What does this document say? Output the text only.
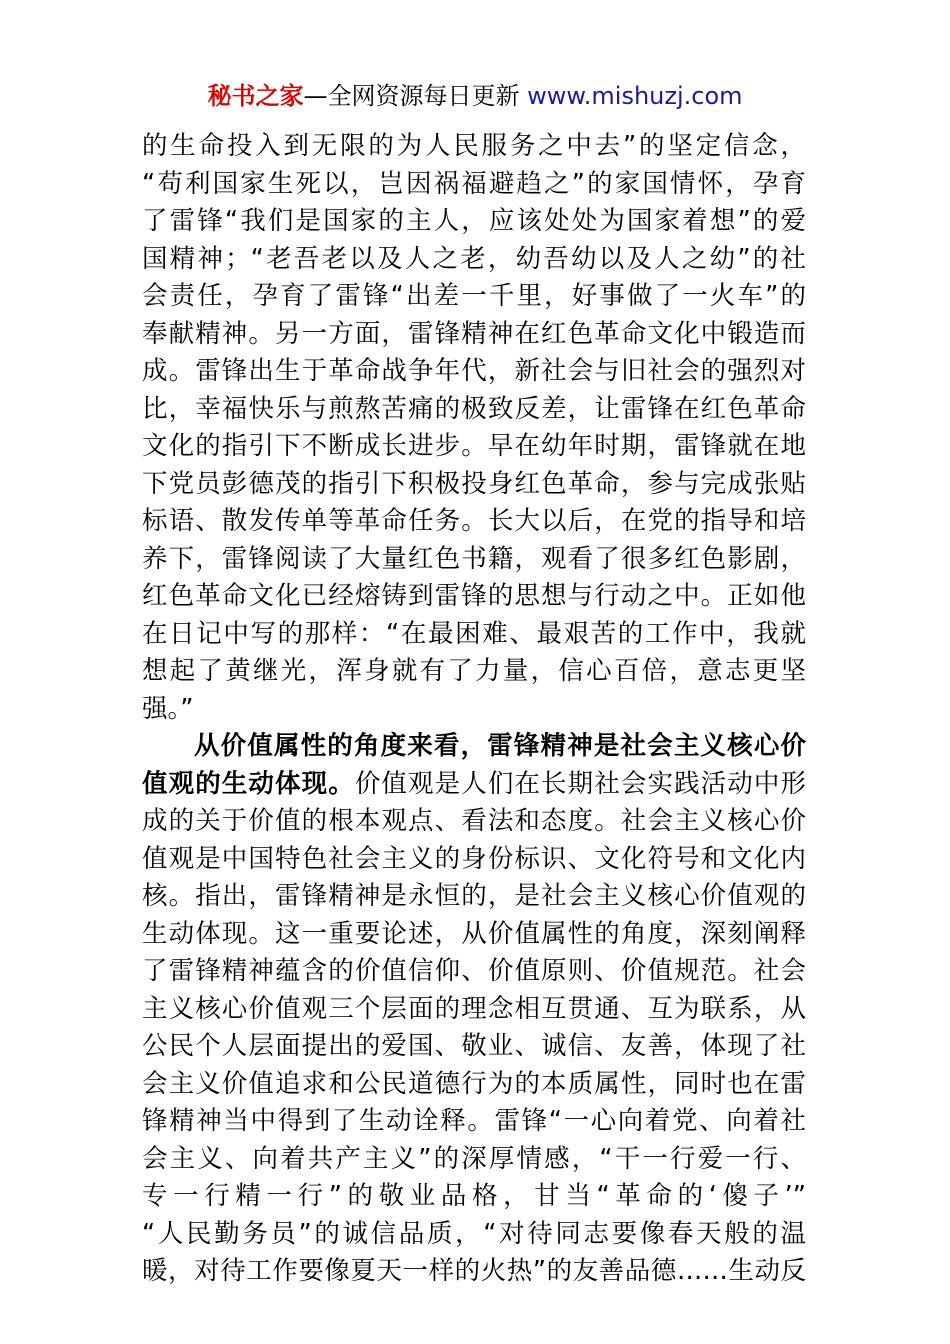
秘书之家—全网资源每日更新 www.mishuzj.com
的生命投入到无限的为人民服务之中去”的坚定信念，
“苟利国家生死以，岂因祸福避趋之”的家国情怀，孕育
了雷锋“我们是国家的主人，应该处处为国家着想”的爱
国精神；“老吾老以及人之老，幼吾幼以及人之幼”的社
会责任，孕育了雷锋“出差一千里，好事做了一火车”的
奉献精神。另一方面，雷锋精神在红色革命文化中锻造而
成。雷锋出生于革命战争年代，新社会与旧社会的强烈对
比，幸福快乐与煎熬苦痛的极致反差，让雷锋在红色革命
文化的指引下不断成长进步。早在幼年时期，雷锋就在地
下党员彭德茂的指引下积极投身红色革命，参与完成张贴
标语、散发传单等革命任务。长大以后，在党的指导和培
养下，雷锋阅读了大量红色书籍，观看了很多红色影剧，
红色革命文化已经熔铸到雷锋的思想与行动之中。正如他
在日记中写的那样：“在最困难、最艰苦的工作中，我就
想起了黄继光，浑身就有了力量，信心百倍，意志更坚
强。”
从价值属性的角度来看，雷锋精神是社会主义核心价
值观的生动体现。价值观是人们在长期社会实践活动中形
成的关于价值的根本观点、看法和态度。社会主义核心价
值观是中国特色社会主义的身份标识、文化符号和文化内
核。指出，雷锋精神是永恒的，是社会主义核心价值观的
生动体现。这一重要论述，从价值属性的角度，深刻阐释
了雷锋精神蕴含的价值信仰、价值原则、价值规范。社会
主义核心价值观三个层面的理念相互贯通、互为联系，从
公民个人层面提出的爱国、敬业、诚信、友善，体现了社
会主义价值追求和公民道德行为的本质属性，同时也在雷
锋精神当中得到了生动诠释。雷锋“一心向着党、向着社
会主义、向着共产主义”的深厚情感，“干一行爱一行、
专一行精一行”的敬业品格，甘当“革命的‘傻子’”
“人民勤务员”的诚信品质，“对待同志要像春天般的温
暖，对待工作要像夏天一样的火热”的友善品德……生动反
